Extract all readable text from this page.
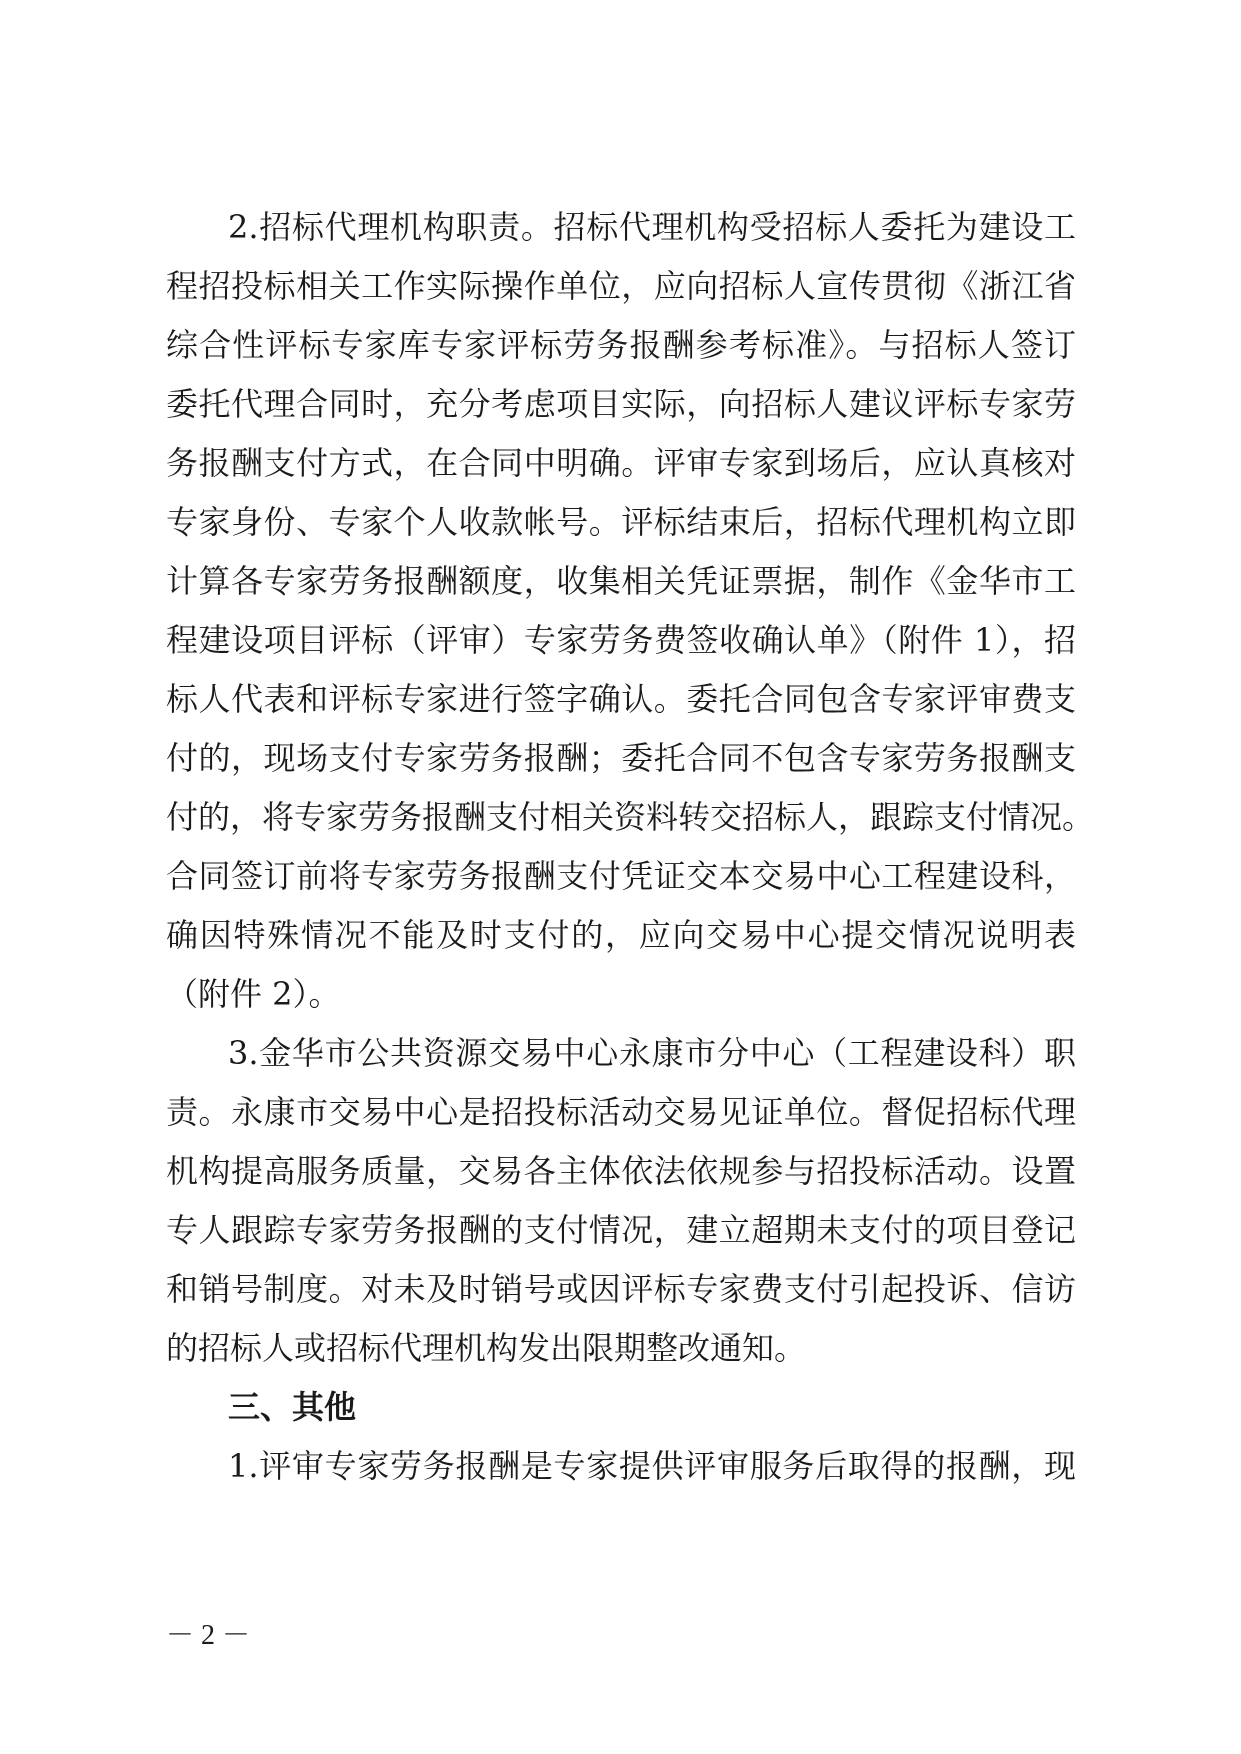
2.招标代理机构职责。招标代理机构受招标人委托为建设工
程招投标相关工作实际操作单位，应向招标人宣传贯彻《浙江省
综合性评标专家库专家评标劳务报酬参考标准》。与招标人签订
委托代理合同时，充分考虑项目实际，向招标人建议评标专家劳
务报酬支付方式，在合同中明确。评审专家到场后，应认真核对
专家身份、专家个人收款帐号。评标结束后，招标代理机构立即
计算各专家劳务报酬额度，收集相关凭证票据，制作《金华市工
程建设项目评标（评审）专家劳务费签收确认单》（附件 1），招
标人代表和评标专家进行签字确认。委托合同包含专家评审费支
付的，现场支付专家劳务报酬；委托合同不包含专家劳务报酬支
付的，将专家劳务报酬支付相关资料转交招标人，跟踪支付情况。
合同签订前将专家劳务报酬支付凭证交本交易中心工程建设科，
确因特殊情况不能及时支付的，应向交易中心提交情况说明表
（附件 2）。
3.金华市公共资源交易中心永康市分中心（工程建设科）职
责。永康市交易中心是招投标活动交易见证单位。督促招标代理
机构提高服务质量，交易各主体依法依规参与招投标活动。设置
专人跟踪专家劳务报酬的支付情况，建立超期未支付的项目登记
和销号制度。对未及时销号或因评标专家费支付引起投诉、信访
的招标人或招标代理机构发出限期整改通知。
三、其他
1.评审专家劳务报酬是专家提供评审服务后取得的报酬，现
－ 2 －
